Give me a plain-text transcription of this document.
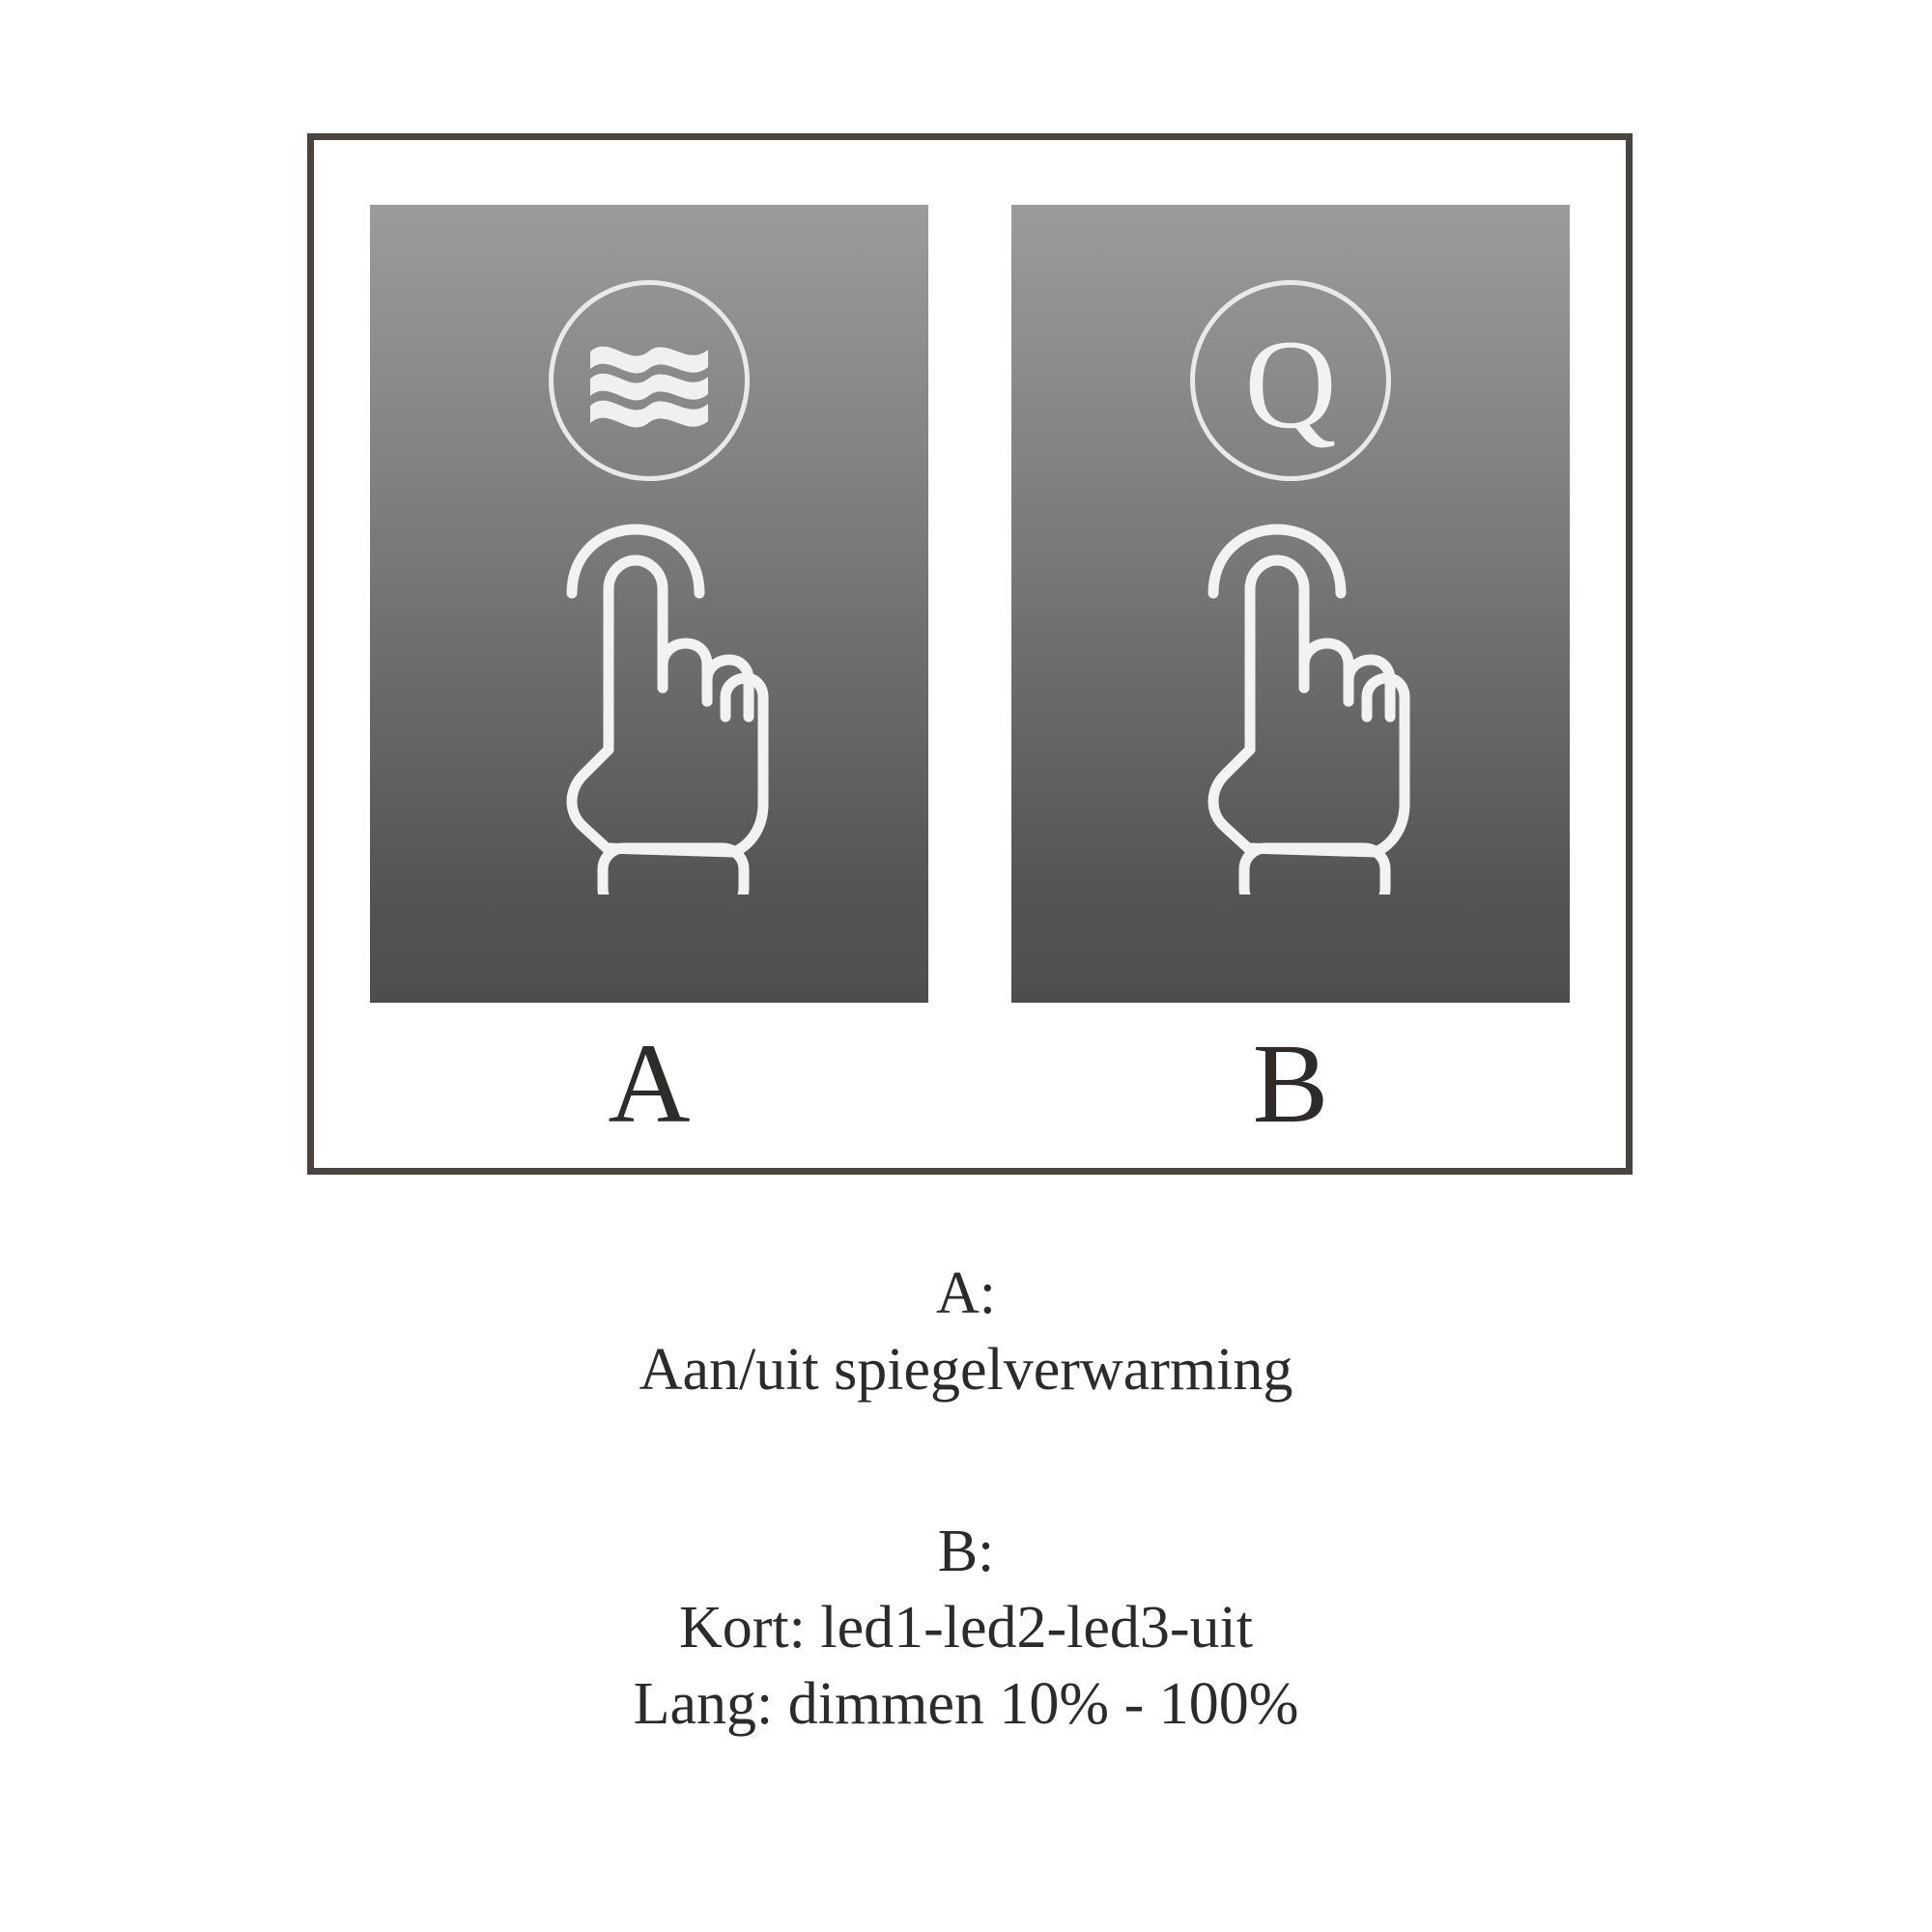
A
Q
B
A:
Aan/uit spiegelverwarming
B:
Kort: led1-led2-led3-uit
Lang: dimmen 10% - 100%
